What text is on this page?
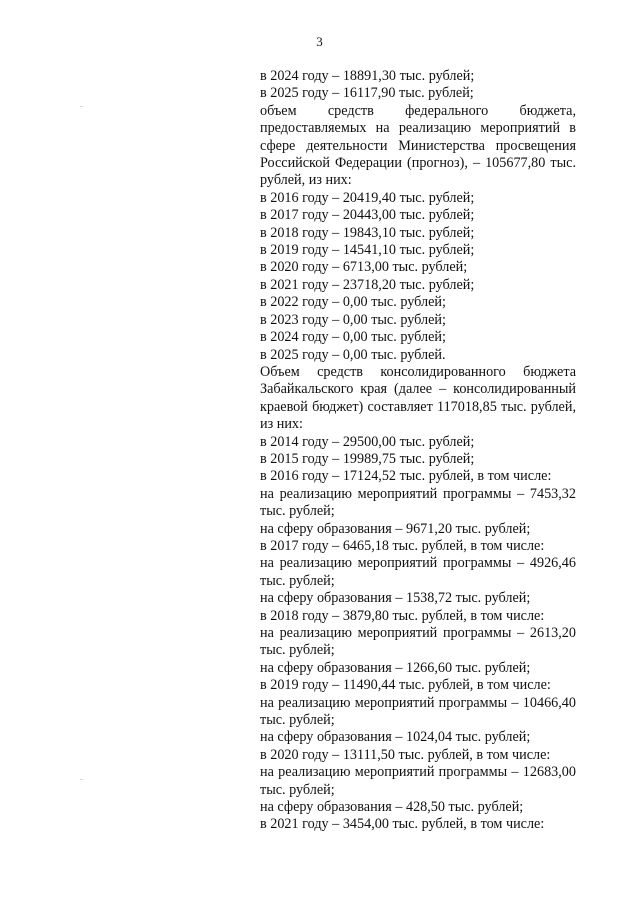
3
в 2024 году – 18891,30 тыс. рублей;
в 2025 году – 16117,90 тыс. рублей;
объем средств федерального бюджета,
предоставляемых на реализацию мероприятий в
сфере деятельности Министерства просвещения
Российской Федерации (прогноз), – 105677,80 тыс.
рублей, из них:
в 2016 году – 20419,40 тыс. рублей;
в 2017 году – 20443,00 тыс. рублей;
в 2018 году – 19843,10 тыс. рублей;
в 2019 году – 14541,10 тыс. рублей;
в 2020 году – 6713,00 тыс. рублей;
в 2021 году – 23718,20 тыс. рублей;
в 2022 году – 0,00 тыс. рублей;
в 2023 году – 0,00 тыс. рублей;
в 2024 году – 0,00 тыс. рублей;
в 2025 году – 0,00 тыс. рублей.
Объем средств консолидированного бюджета
Забайкальского края (далее – консолидированный
краевой бюджет) составляет 117018,85 тыс. рублей,
из них:
в 2014 году – 29500,00 тыс. рублей;
в 2015 году – 19989,75 тыс. рублей;
в 2016 году – 17124,52 тыс. рублей, в том числе:
на реализацию мероприятий программы – 7453,32
тыс. рублей;
на сферу образования – 9671,20 тыс. рублей;
в 2017 году – 6465,18 тыс. рублей, в том числе:
на реализацию мероприятий программы – 4926,46
тыс. рублей;
на сферу образования – 1538,72 тыс. рублей;
в 2018 году – 3879,80 тыс. рублей, в том числе:
на реализацию мероприятий программы – 2613,20
тыс. рублей;
на сферу образования – 1266,60 тыс. рублей;
в 2019 году – 11490,44 тыс. рублей, в том числе:
на реализацию мероприятий программы – 10466,40
тыс. рублей;
на сферу образования – 1024,04 тыс. рублей;
в 2020 году – 13111,50 тыс. рублей, в том числе:
на реализацию мероприятий программы – 12683,00
тыс. рублей;
на сферу образования – 428,50 тыс. рублей;
в 2021 году – 3454,00 тыс. рублей, в том числе:
